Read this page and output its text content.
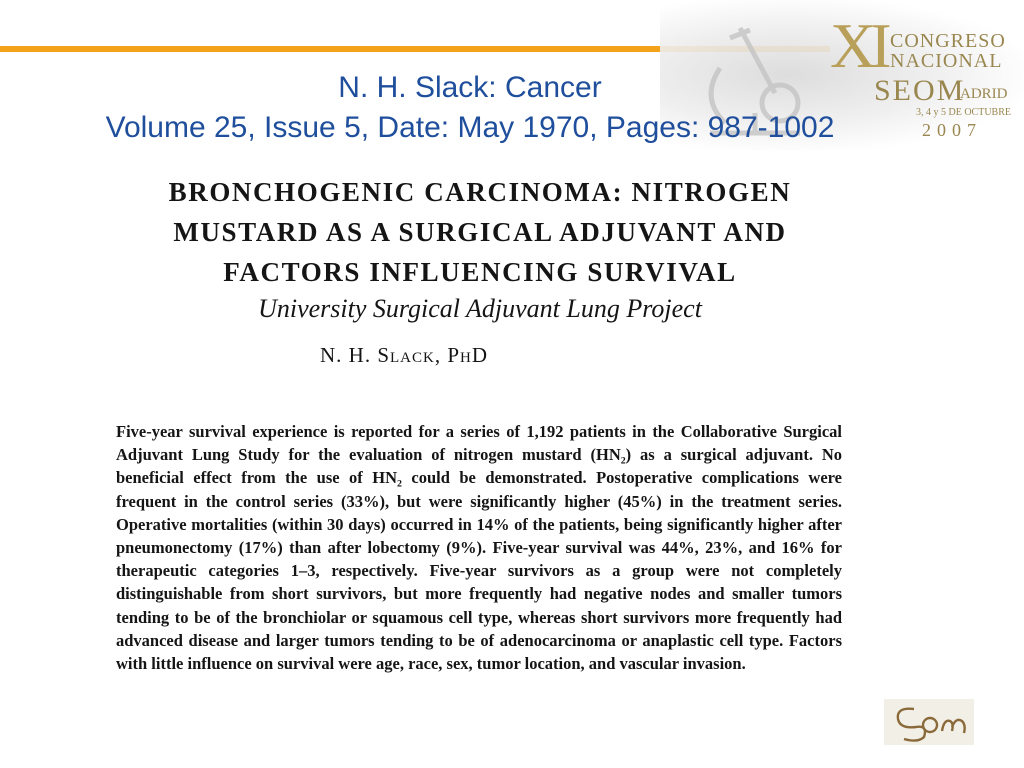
XI CONGRESO
NACIONAL
SEOM
ADRID
3, 4 y 5 DE OCTUBRE
2007
N. H. Slack: Cancer
Volume 25, Issue 5, Date: May 1970, Pages: 987-1002
BRONCHOGENIC CARCINOMA: NITROGEN MUSTARD AS A SURGICAL ADJUVANT AND FACTORS INFLUENCING SURVIVAL
University Surgical Adjuvant Lung Project
N. H. Slack, PhD
Five-year survival experience is reported for a series of 1,192 patients in the Collaborative Surgical Adjuvant Lung Study for the evaluation of nitrogen mustard (HN₂) as a surgical adjuvant. No beneficial effect from the use of HN₂ could be demonstrated. Postoperative complications were frequent in the control series (33%), but were significantly higher (45%) in the treatment series. Operative mortalities (within 30 days) occurred in 14% of the patients, being significantly higher after pneumonectomy (17%) than after lobectomy (9%). Five-year survival was 44%, 23%, and 16% for therapeutic categories 1–3, respectively. Five-year survivors as a group were not completely distinguishable from short survivors, but more frequently had negative nodes and smaller tumors tending to be of the bronchiolar or squamous cell type, whereas short survivors more frequently had advanced disease and larger tumors tending to be of adenocarcinoma or anaplastic cell type. Factors with little influence on survival were age, race, sex, tumor location, and vascular invasion.
